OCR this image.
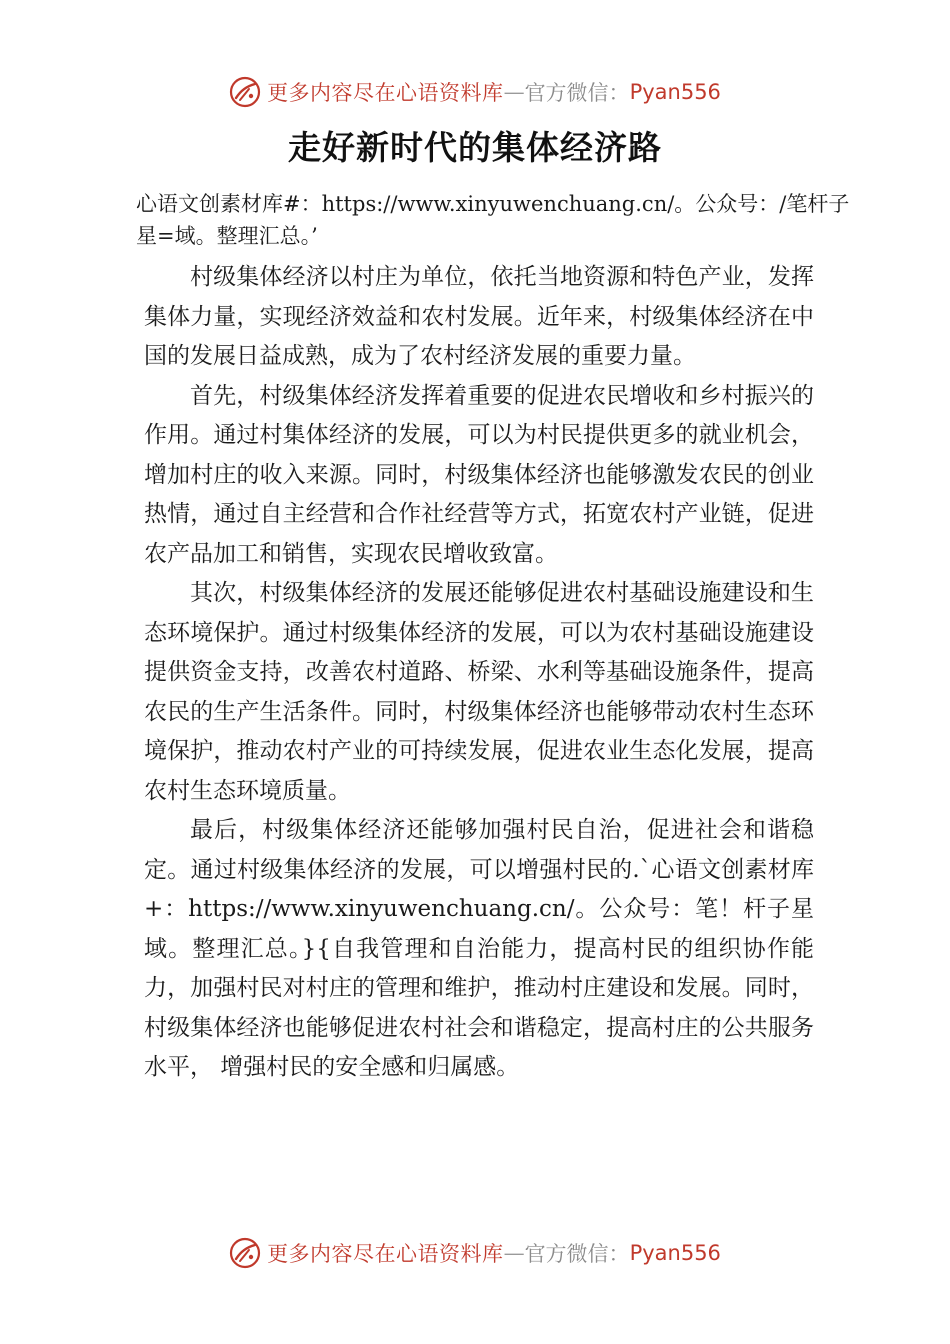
更多内容尽在心语资料库 — 官方微信： Pyan556
走好新时代的集体经济路

心语文创素材库#：https://www.xinyuwenchuang.cn/。公众号：/笔杆子星=域。整理汇总。’

村级集体经济以村庄为单位，依托当地资源和特色产业，发挥集体力量，实现经济效益和农村发展。近年来，村级集体经济在中国的发展日益成熟，成为了农村经济发展的重要力量。

首先，村级集体经济发挥着重要的促进农民增收和乡村振兴的作用。通过村集体经济的发展，可以为村民提供更多的就业机会，增加村庄的收入来源。同时，村级集体经济也能够激发农民的创业热情，通过自主经营和合作社经营等方式，拓宽农村产业链，促进农产品加工和销售，实现农民增收致富。

其次，村级集体经济的发展还能够促进农村基础设施建设和生态环境保护。通过村级集体经济的发展，可以为农村基础设施建设提供资金支持，改善农村道路、桥梁、水利等基础设施条件，提高农民的生产生活条件。同时，村级集体经济也能够带动农村生态环境保护，推动农村产业的可持续发展，促进农业生态化发展，提高农村生态环境质量。

最后，村级集体经济还能够加强村民自治，促进社会和谐稳定。通过村级集体经济的发展，可以增强村民的.`心语文创素材库+：https://www.xinyuwenchuang.cn/。公众号：笔！杆子星域。整理汇总。}{自我管理和自治能力，提高村民的组织协作能力，加强村民对村庄的管理和维护，推动村庄建设和发展。同时，村级集体经济也能够促进农村社会和谐稳定，提高村庄的公共服务水平， 增强村民的安全感和归属感。

更多内容尽在心语资料库 — 官方微信： Pyan556
